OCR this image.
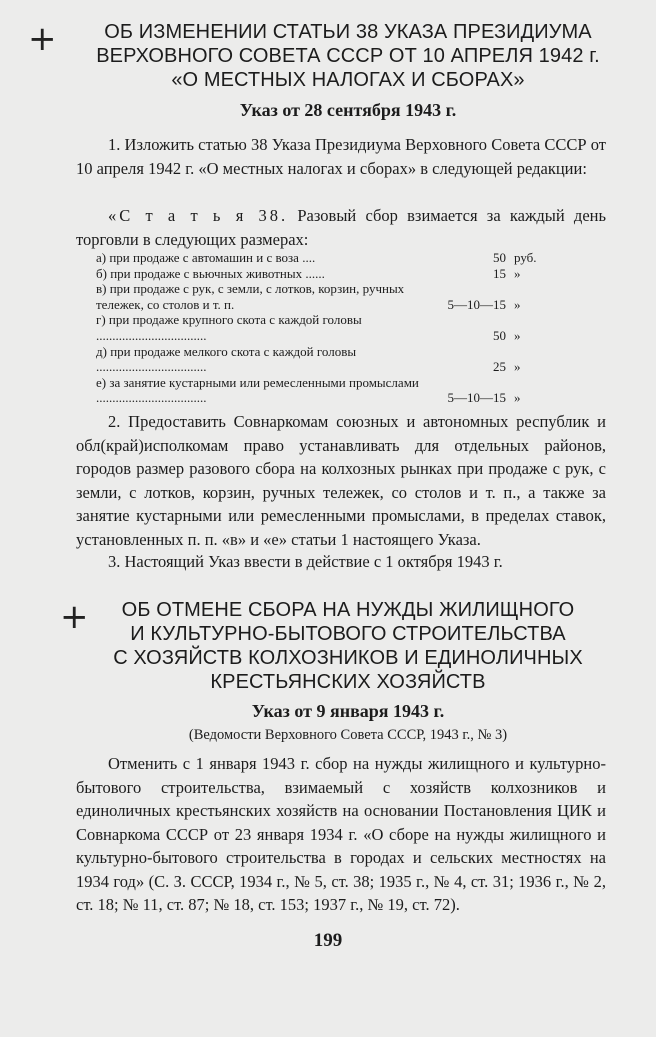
+
+
ОБ ИЗМЕНЕНИИ СТАТЬИ 38 УКАЗА ПРЕЗИДИУМА
ВЕРХОВНОГО СОВЕТА СССР ОТ 10 АПРЕЛЯ 1942 г.
«О МЕСТНЫХ НАЛОГАХ И СБОРАХ»
Указ от 28 сентября 1943 г.
1. Изложить статью 38 Указа Президиума Верховного Совета СССР от 10 апреля 1942 г. «О местных налогах и сборах» в следующей редакции:
«С т а т ь я 38. Разовый сбор взимается за каждый день торговли в следующих размерах:
а) при продаже с автомашин и с воза ....	50 руб.
б) при продаже с вьючных животных ......	15 »
в) при продаже с рук, с земли, с лотков, корзин, ручных тележек, со столов и т. п.	5—10—15 »
г) при продаже крупного скота с каждой головы ..................................	50 »
д) при продаже мелкого скота с каждой головы ..................................	25 »
е) за занятие кустарными или ремесленными промыслами ..................................	5—10—15 »
2. Предоставить Совнаркомам союзных и автономных республик и обл(край)исполкомам право устанавливать для отдельных районов, городов размер разового сбора на колхозных рынках при продаже с рук, с земли, с лотков, корзин, ручных тележек, со столов и т. п., а также за занятие кустарными или ремесленными промыслами, в пределах ставок, установленных п. п. «в» и «е» статьи 1 настоящего Указа.
3. Настоящий Указ ввести в действие с 1 октября 1943 г.
ОБ ОТМЕНЕ СБОРА НА НУЖДЫ ЖИЛИЩНОГО
И КУЛЬТУРНО-БЫТОВОГО СТРОИТЕЛЬСТВА
С ХОЗЯЙСТВ КОЛХОЗНИКОВ И ЕДИНОЛИЧНЫХ
КРЕСТЬЯНСКИХ ХОЗЯЙСТВ
Указ от 9 января 1943 г.
(Ведомости Верховного Совета СССР, 1943 г., № 3)
Отменить с 1 января 1943 г. сбор на нужды жилищного и культурно-бытового строительства, взимаемый с хозяйств колхозников и единоличных крестьянских хозяйств на основании Постановления ЦИК и Совнаркома СССР от 23 января 1934 г. «О сборе на нужды жилищного и культурно-бытового строительства в городах и сельских местностях на 1934 год» (С. З. СССР, 1934 г., № 5, ст. 38; 1935 г., № 4, ст. 31; 1936 г., № 2, ст. 18; № 11, ст. 87; № 18, ст. 153; 1937 г., № 19, ст. 72).
199
